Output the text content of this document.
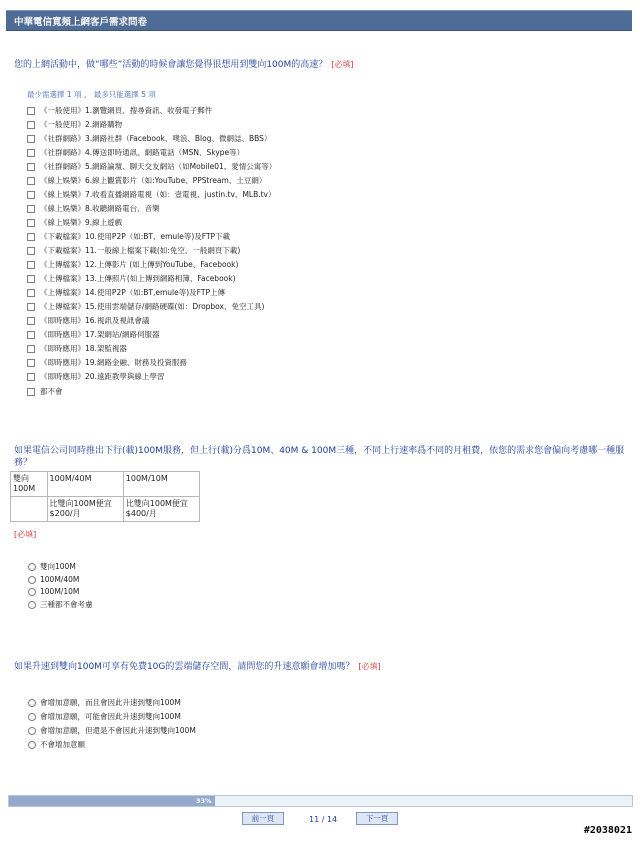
中華電信寬頻上網客戶需求問卷
您的上網活動中，做“哪些”活動的時候會讓您覺得很想用到雙向100M的高速？ [必填]
最少需選擇 1 項 ， 最多只能選擇 5 項
《一般使用》1.瀏覽網頁、搜尋資訊、收發電子郵件
《一般使用》2.網路購物
《社群網路》3.網路社群（Facebook、噗浪、Blog、微網誌、BBS）
《社群網路》4.傳送即時通訊、網路電話（MSN、Skype等）
《社群網路》5.網路論壇、聊天交友網站（如Mobile01、愛情公寓等）
《線上娛樂》6.線上觀賞影片（如:YouTube、PPStream、土豆網）
《線上娛樂》7.收看直播網路電視（如：壹電視、justin.tv、MLB.tv）
《線上娛樂》8.收聽網路電台、音樂
《線上娛樂》9.線上遊戲
《下載檔案》10.使用P2P（如:BT、emule等)及FTP下載
《下載檔案》11.一般線上檔案下載(如:免空、一般網頁下載)
《上傳檔案》12.上傳影片 (如上傳到YouTube、Facebook)
《上傳檔案》13.上傳照片(如上傳到網路相簿、Facebook)
《上傳檔案》14.使用P2P（如:BT,emule等)及FTP上傳
《上傳檔案》15.使用雲端儲存/網路硬碟(如：Dropbox、免空工具)
《即時應用》16.視訊及視訊會議
《即時應用》17.架網站/網路伺服器
《即時應用》18.架監視器
《即時應用》19.網路金融、財務及投資服務
《即時應用》20.遠距教學與線上學習
都不會
如果電信公司同時推出下行(載)100M服務，但上行(載)分爲10M、40M & 100M三種，不同上行速率爲不同的月租費，依您的需求您會偏向考慮哪一種服務？
雙向100M	100M/40M	100M/10M
	比雙向100M便宜$200/月	比雙向100M便宜$400/月
[必填]
雙向100M
100M/40M
100M/10M
三種都不會考慮
如果升速到雙向100M可享有免費10G的雲端儲存空間，請問您的升速意願會增加嗎？ [必填]
會增加意願，而且會因此升速到雙向100M
會增加意願，可能會因此升速到雙向100M
會增加意願，但還是不會因此升速到雙向100M
不會增加意願
33%
前一頁	11 / 14	下一頁
#2038021
